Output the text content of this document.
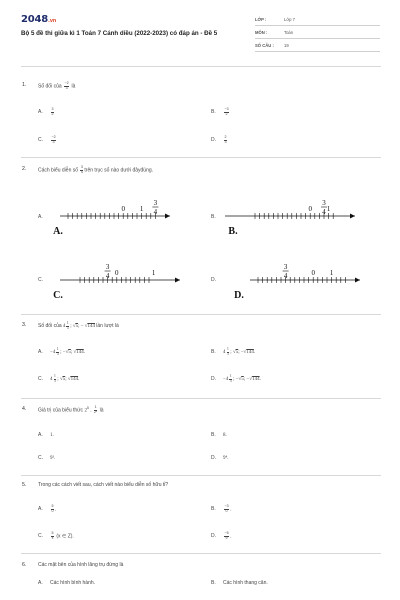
2048.vn
Bộ 5 đề thi giữa kì 1 Toán 7 Cánh diều (2022-2023) có đáp án - Đề 5
LỚP :	Lớp 7
MÔN :	Toán
SỐ CÂU : 19
1. Số đối của $\frac{-2}{3}$ là
A. $\frac{3}{2}$	B. $\frac{-3}{2}$
C. $\frac{-2}{3}$	D. $\frac{2}{3}$
2. Cách biểu diễn số $\frac{3}{4}$ trên trục số nào dưới đâyđúng.
A.	B.
C.	D.
0 1
3
4
A.
0 1
3
4
B.
0	1
3
4
C.
0 1
3
4
D.
3. Số đối của $4 \frac{1}{3}$ ; √5; − √144 lần lượt là
A. $-4 \frac{1}{3}$ ; −√5; √144.	B. $4 \frac{1}{3}$ ; √5; −√144.
C. $4 \frac{1}{3}$ ; √5; √144.	D. $-4 \frac{1}{3}$ ; −√5; −√144.
4. Giá trị của biểu thức $2^5$ . $\frac{1}{\text{2²}}$ là
A. 1.	B. 8.
C. 9².	D. 9⁴.
5. Trong các cách viết sau, cách viết nào biểu diễn số hữu tỉ?
A. $\frac{5}{0}$ .	B. $\frac{-3}{0}$ .
C. $\frac{5}{x} (x$ ∈ Z).	D. $\frac{-5}{9}$ .
6. Các mặt bên của hình lăng trụ đứng là
A. Các hình bình hành.	B. Các hình thang cân.
